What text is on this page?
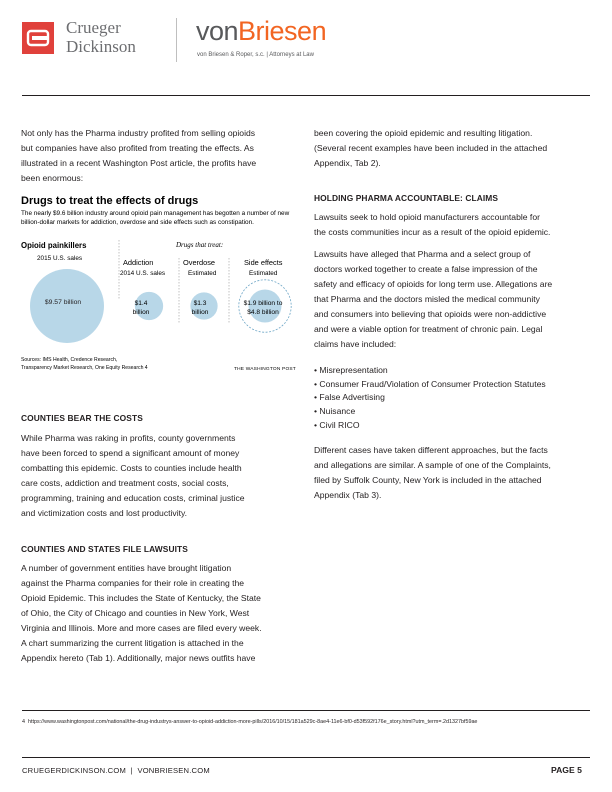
Crueger
Dickinson
vonBriesen
von Briesen & Roper, s.c. | Attorneys at Law
Not only has the Pharma industry profited from selling opioids
but companies have also profited from treating the effects. As
illustrated in a recent Washington Post article, the profits have
been enormous:
Drugs to treat the effects of drugs
The nearly $9.6 billion industry around opioid pain management has begotten a number of new billion-dollar markets for addiction, overdose and side effects such as constipation.
Opioid painkillers
2015 U.S. sales
Drugs that treat:
Addiction
2014 U.S. sales
Overdose
Estimated
Side effects
Estimated
$9.57 billion	$1.4 billion
$1.3 billion
$1.9 billion to $4.8 billion
Sources: IMS Health, Credence Research,
Transparency Market Research, One Equity Research 4	THE WASHINGTON POST
COUNTIES BEAR THE COSTS
While Pharma was raking in profits, county governments
have been forced to spend a significant amount of money
combatting this epidemic. Costs to counties include health
care costs, addiction and treatment costs, social costs,
programming, training and education costs, criminal justice
and victimization costs and lost productivity.
COUNTIES AND STATES FILE LAWSUITS
A number of government entities have brought litigation
against the Pharma companies for their role in creating the
Opioid Epidemic. This includes the State of Kentucky, the State
of Ohio, the City of Chicago and counties in New York, West
Virginia and Illinois. More and more cases are filed every week.
A chart summarizing the current litigation is attached in the
Appendix hereto (Tab 1). Additionally, major news outfits have
been covering the opioid epidemic and resulting litigation.
(Several recent examples have been included in the attached
Appendix, Tab 2).
HOLDING PHARMA ACCOUNTABLE: CLAIMS
Lawsuits seek to hold opioid manufacturers accountable for
the costs communities incur as a result of the opioid epidemic.
Lawsuits have alleged that Pharma and a select group of
doctors worked together to create a false impression of the
safety and efficacy of opioids for long term use. Allegations are
that Pharma and the doctors misled the medical community
and consumers into believing that opioids were non-addictive
and were a viable option for treatment of chronic pain. Legal
claims have included:
• Misrepresentation
• Consumer Fraud/Violation of Consumer Protection Statutes
• False Advertising
• Nuisance
• Civil RICO
Different cases have taken different approaches, but the facts
and allegations are similar. A sample of one of the Complaints,
filed by Suffolk County, New York is included in the attached
Appendix (Tab 3).
4 https://www.washingtonpost.com/national/the-drug-industrys-answer-to-opioid-addiction-more-pills/2016/10/15/181a529c-8ae4-11e6-bf0-d53f592f176e_story.html?utm_term=.2d1327bf59ae
CRUEGERDICKINSON.COM | VONBRIESEN.COM	PAGE 5
